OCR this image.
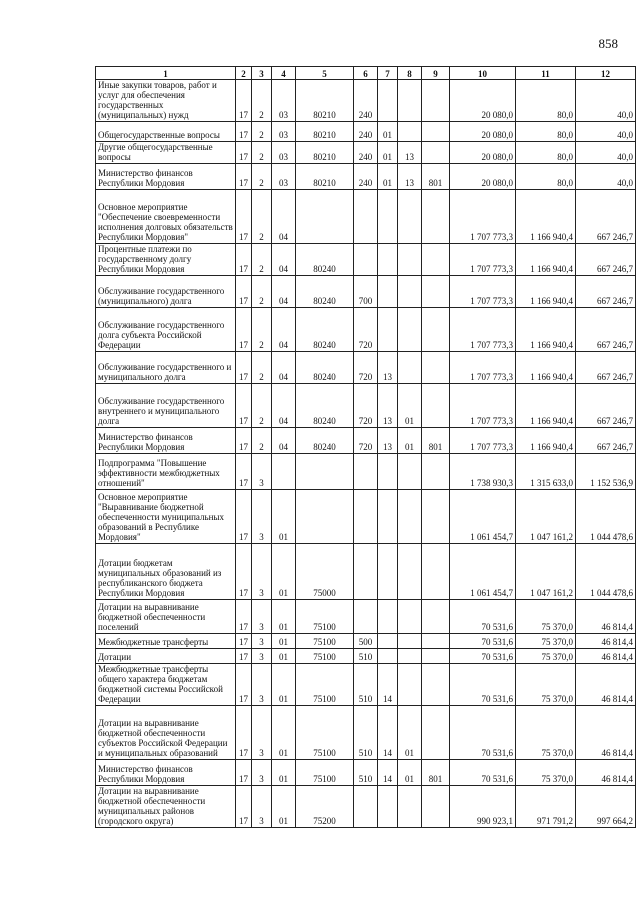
858
1	2	3	4	5	6	7	8	9	10	11	12
Иные закупки товаров, работ и услуг для обеспечения государственных (муниципальных) нужд	17	2	03	80210	240				20 080,0	80,0	40,0
Общегосударственные вопросы	17	2	03	80210	240	01			20 080,0	80,0	40,0
Другие общегосударственные вопросы	17	2	03	80210	240	01	13		20 080,0	80,0	40,0
Министерство финансов Республики Мордовия	17	2	03	80210	240	01	13	801	20 080,0	80,0	40,0
Основное мероприятие "Обеспечение своевременности исполнения долговых обязательств Республики Мордовия"	17	2	04						1 707 773,3	1 166 940,4	667 246,7
Процентные платежи по государственному долгу Республики Мордовия	17	2	04	80240					1 707 773,3	1 166 940,4	667 246,7
Обслуживание государственного (муниципального) долга	17	2	04	80240	700				1 707 773,3	1 166 940,4	667 246,7
Обслуживание государственного долга субъекта Российской Федерации	17	2	04	80240	720				1 707 773,3	1 166 940,4	667 246,7
Обслуживание государственного и муниципального долга	17	2	04	80240	720	13			1 707 773,3	1 166 940,4	667 246,7
Обслуживание государственного внутреннего и муниципального долга	17	2	04	80240	720	13	01		1 707 773,3	1 166 940,4	667 246,7
Министерство финансов Республики Мордовия	17	2	04	80240	720	13	01	801	1 707 773,3	1 166 940,4	667 246,7
Подпрограмма "Повышение эффективности межбюджетных отношений"	17	3							1 738 930,3	1 315 633,0	1 152 536,9
Основное мероприятие "Выравнивание бюджетной обеспеченности муниципальных образований в Республике Мордовия"	17	3	01						1 061 454,7	1 047 161,2	1 044 478,6
Дотации бюджетам муниципальных образований из республиканского бюджета Республики Мордовия	17	3	01	75000					1 061 454,7	1 047 161,2	1 044 478,6
Дотации на выравнивание бюджетной обеспеченности поселений	17	3	01	75100					70 531,6	75 370,0	46 814,4
Межбюджетные трансферты	17	3	01	75100	500				70 531,6	75 370,0	46 814,4
Дотации	17	3	01	75100	510				70 531,6	75 370,0	46 814,4
Межбюджетные трансферты общего характера бюджетам бюджетной системы Российской Федерации	17	3	01	75100	510	14			70 531,6	75 370,0	46 814,4
Дотации на выравнивание бюджетной обеспеченности субъектов Российской Федерации и муниципальных образований	17	3	01	75100	510	14	01		70 531,6	75 370,0	46 814,4
Министерство финансов Республики Мордовия	17	3	01	75100	510	14	01	801	70 531,6	75 370,0	46 814,4
Дотации на выравнивание бюджетной обеспеченности муниципальных районов (городского округа)	17	3	01	75200					990 923,1	971 791,2	997 664,2
